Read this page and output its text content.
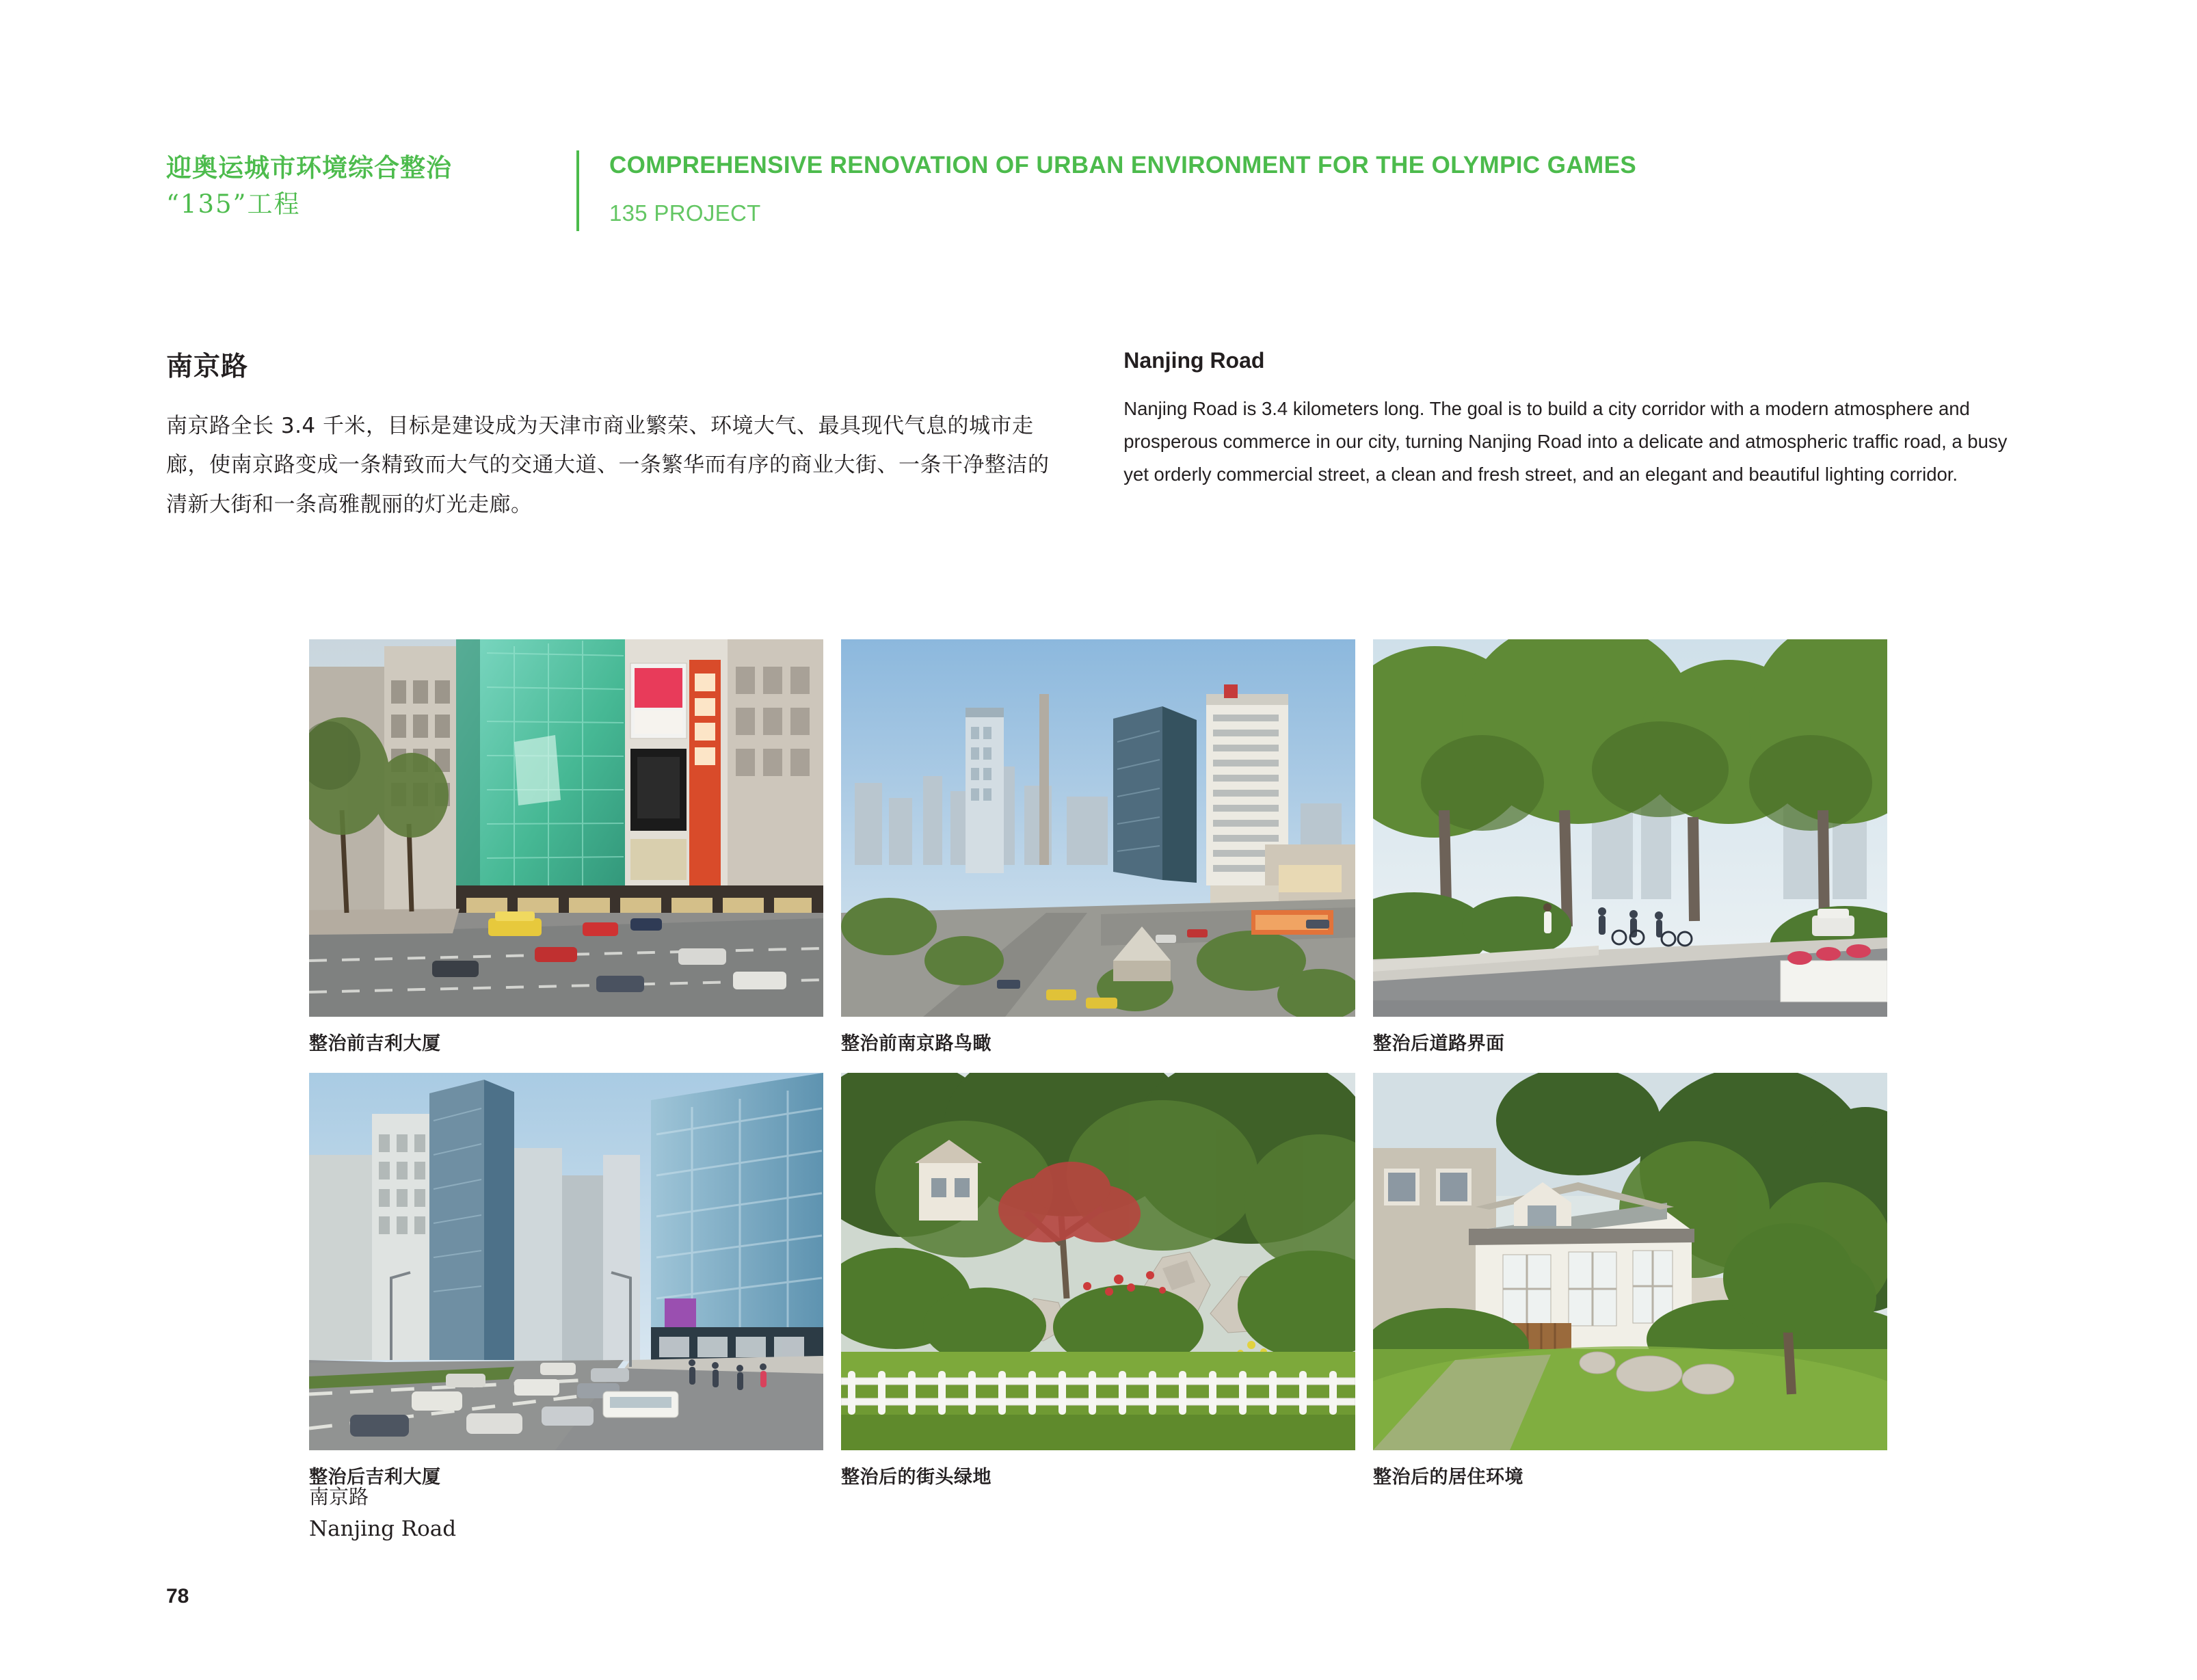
迎奥运城市环境综合整治
“135”工程
COMPREHENSIVE RENOVATION OF URBAN ENVIRONMENT FOR THE OLYMPIC GAMES
135 PROJECT
南京路

南京路全长 3.4 千米，目标是建设成为天津市商业繁荣、环境大气、最具现代气息的城市走廊，使南京路变成一条精致而大气的交通大道、一条繁华而有序的商业大街、一条干净整洁的清新大街和一条高雅靓丽的灯光走廊。

Nanjing Road

Nanjing Road is 3.4 kilometers long. The goal is to build a city corridor with a modern atmosphere and prosperous commerce in our city, turning Nanjing Road into a delicate and atmospheric traffic road, a busy yet orderly commercial street, a clean and fresh street, and an elegant and beautiful lighting corridor.

整治前吉利大厦	整治前南京路鸟瞰	整治后道路界面
整治后吉利大厦	整治后的街头绿地	整治后的居住环境
南京路
Nanjing Road
78
